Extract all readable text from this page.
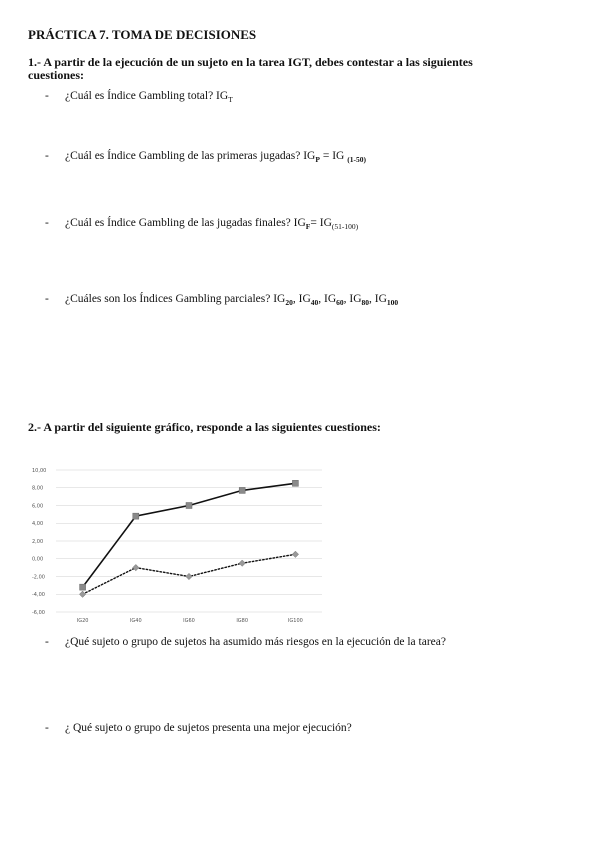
PRÁCTICA 7. TOMA DE DECISIONES
1.- A partir de la ejecución de un sujeto en la tarea IGT, debes contestar a las siguientes cuestiones:
- ¿Cuál es Índice Gambling total? $IG_T$
- ¿Cuál es Índice Gambling de las primeras jugadas? $IG_P$ = IG $_{(1-50)}$
- ¿Cuál es Índice Gambling de las jugadas finales? $IG_F= IG_{(51-100)}$
- ¿Cuáles son los Índices Gambling parciales? $IG_{20}$, $IG_{40}$, $IG_{60}$, $IG_{80}$, $IG_{100}$
2.- A partir del siguiente gráfico, responde a las siguientes cuestiones:
10,00
8,00
6,00
4,00
2,00
0,00
-2,00
-4,00
-6,00
IG20	IG40	IG60	IG80	IG100
- ¿Qué sujeto o grupo de sujetos ha asumido más riesgos en la ejecución de la tarea?
- ¿ Qué sujeto o grupo de sujetos presenta una mejor ejecución?
